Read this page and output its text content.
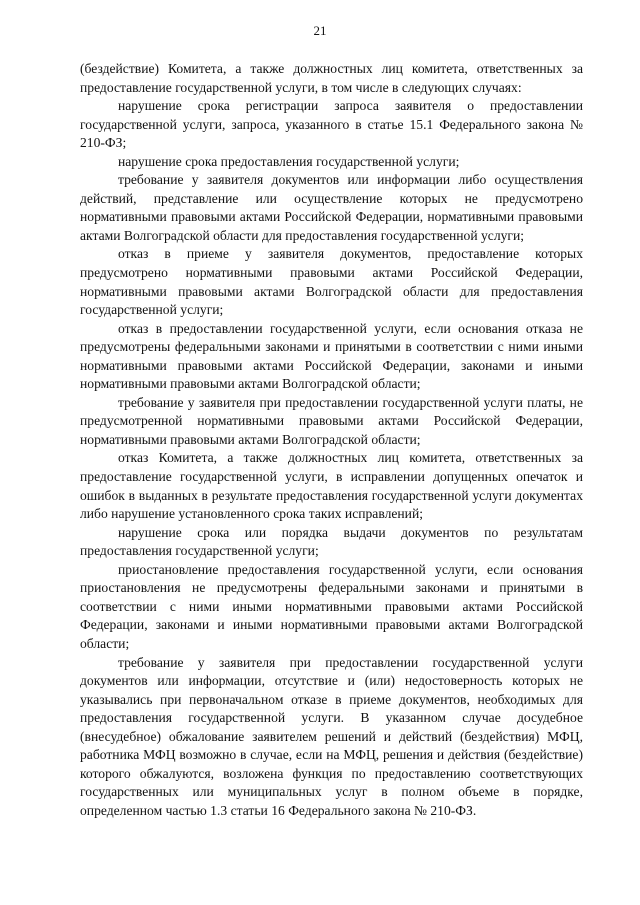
21

(бездействие) Комитета, а также должностных лиц комитета, ответственных за предоставление государственной услуги, в том числе в следующих случаях:

нарушение срока регистрации запроса заявителя о предоставлении государственной услуги, запроса, указанного в статье 15.1 Федерального закона № 210-ФЗ;

нарушение срока предоставления государственной услуги;

требование у заявителя документов или информации либо осуществления действий, представление или осуществление которых не предусмотрено нормативными правовыми актами Российской Федерации, нормативными правовыми актами Волгоградской области для предоставления государственной услуги;

отказ в приеме у заявителя документов, предоставление которых предусмотрено нормативными правовыми актами Российской Федерации, нормативными правовыми актами Волгоградской области для предоставления государственной услуги;

отказ в предоставлении государственной услуги, если основания отказа не предусмотрены федеральными законами и принятыми в соответствии с ними иными нормативными правовыми актами Российской Федерации, законами и иными нормативными правовыми актами Волгоградской области;

требование у заявителя при предоставлении государственной услуги платы, не предусмотренной нормативными правовыми актами Российской Федерации, нормативными правовыми актами Волгоградской области;

отказ Комитета, а также должностных лиц комитета, ответственных за предоставление государственной услуги, в исправлении допущенных опечаток и ошибок в выданных в результате предоставления государственной услуги документах либо нарушение установленного срока таких исправлений;

нарушение срока или порядка выдачи документов по результатам предоставления государственной услуги;

приостановление предоставления государственной услуги, если основания приостановления не предусмотрены федеральными законами и принятыми в соответствии с ними иными нормативными правовыми актами Российской Федерации, законами и иными нормативными правовыми актами Волгоградской области;

требование у заявителя при предоставлении государственной услуги документов или информации, отсутствие и (или) недостоверность которых не указывались при первоначальном отказе в приеме документов, необходимых для предоставления государственной услуги. В указанном случае досудебное (внесудебное) обжалование заявителем решений и действий (бездействия) МФЦ, работника МФЦ возможно в случае, если на МФЦ, решения и действия (бездействие) которого обжалуются, возложена функция по предоставлению соответствующих государственных или муниципальных услуг в полном объеме в порядке, определенном частью 1.3 статьи 16 Федерального закона № 210-ФЗ.
